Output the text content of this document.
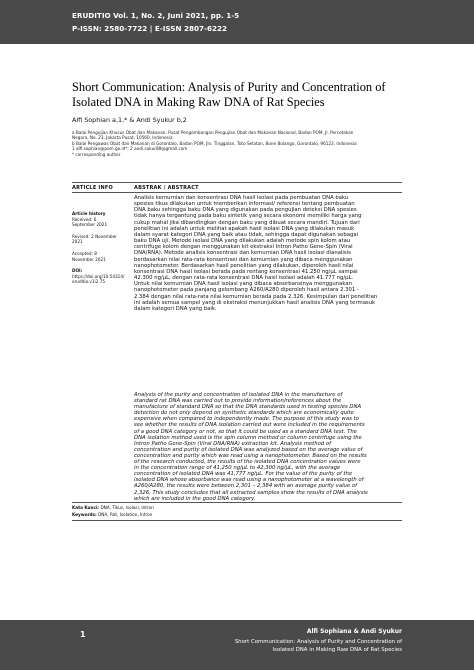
ERUDITIO Vol. 1, No. 2, Juni 2021, pp. 1-5
P-ISSN: 2580-7722 | E-ISSN 2807-6222
Short Communication: Analysis of Purity and Concentration of
Isolated DNA in Making Raw DNA of Rat Species
Alfi Sophian a,1,* & Andi Syukur b,2
a Balai Pengujian Khusus Obat dan Makanan, Pusat Pengembangan Pengujian Obat dan Makanan Nasional, Badan POM, Jl. Percetakan
Negara, No. 23, Jakarta Pusat, 10560, Indonesia
b Balai Pengawas Obat dan Makanan di Gorontalo, Badan POM, Jln. Tinggalan, Toto Selatan, Bone Bolango, Gorontalo, 96123. Indonesia
1 alfi.sophian@pom.go.id*; 2 andi.sukur88@gmail.com
* corresponding author
ARTICLE INFO	ABSTRAK / ABSTRACT
Article history
Received: 6
September 2021
Revised: 2 November
2021
Accepted: 8
November 2021
DOI:
https://doi.org/10.54314/
eruditio.v1i2.75
Analisis kemurnian dan konsentrasi DNA hasil isolasi pada pembuatan DNA baku
spesies tikus dilakukan untuk memberikan informasi/ referensi tentang pembuatan
DNA baku sehingga baku DNA yang digunakan pada pengujian deteksi DNA spesies
tidak hanya tergantung pada baku sintetik yang secara ekonomi memiliki harga yang
cukup mahal jika dibandingkan dengan baku yang dibuat secara mandiri. Tujuan dari
penelitian ini adalah untuk melihat apakah hasil isolasi DNA yang dilakukan masuk
dalam syarat kategori DNA yang baik atau tidak, sehingga dapat digunakan sebagai
baku DNA uji. Metode isolasi DNA yang dilakukan adalah metode spin kolom atau
centrifuge kolom dengan menggunakan kit ekstraksi Intron Patho Gene-Spin (Viral
DNA/RNA). Metode analisis konsentrasi dan kemurnian DNA hasil isolasi dianalisis
berdasarkan nilai rata-rata konsentrasi dan kemurnian yang dibaca menggunakan
nanophotometer. Berdasarkan hasil penelitian yang dilakukan, diperoleh hasil nilai
konsentrasi DNA hasil isolasi berada pada rentang konsentrasi 41.250 ng/µL sampai
42.300 ng/µL, dengan rata-rata konsentrasi DNA hasil isolasi adalah 41.777 ng/µL.
Untuk nilai kemurnian DNA hasil isolasi yang dibaca absorbansinya menggunakan
nanophotometer pada panjang gelombang A260/A280 diperoleh hasil antara 2.301 -
2.384 dengan nilai rata-rata nilai kemurnian berada pada 2.326. Kesimpulan dari penelitian
ini adalah semua sampel yang di ekstraksi menunjukkan hasil analisis DNA yang termasuk
dalam kategori DNA yang baik.
Analysis of the purity and concentration of isolated DNA in the manufacture of
standard rat DNA was carried out to provide information/references about the
manufacture of standard DNA so that the DNA standards used in testing species DNA
detection do not only depend on synthetic standards which are economically quite
expensive when compared to independently made. The purpose of this study was to
see whether the results of DNA isolation carried out were included in the requirements
of a good DNA category or not, so that it could be used as a standard DNA test. The
DNA isolation method used is the spin column method or column centrifuge using the
Intron Patho Gene-Spin (Viral DNA/RNA) extraction kit. Analysis method of
concentration and purity of isolated DNA was analyzed based on the average value of
concentration and purity which was read using a nanophotometer. Based on the results
of the research conducted, the results of the isolated DNA concentration values were
in the concentration range of 41,250 ng/µL to 42,300 ng/µL, with the average
concentration of isolated DNA was 41,777 ng/µL. For the value of the purity of the
isolated DNA whose absorbance was read using a nanophotometer at a wavelength of
A260/A280, the results were between 2,301 – 2,384 with an average purity value of
2,326. This study concludes that all extracted samples show the results of DNA analysis
which are included in the good DNA category.
Kata Kunci: DNA, Tikus, Isolasi, Intron
Keywords: DNA, Rat, Isolation, Intron
1	Alfi Sophiana & Andi Syukur
Short Communication: Analysis of Purity and Concentration of
Isolated DNA in Making Raw DNA of Rat Species
